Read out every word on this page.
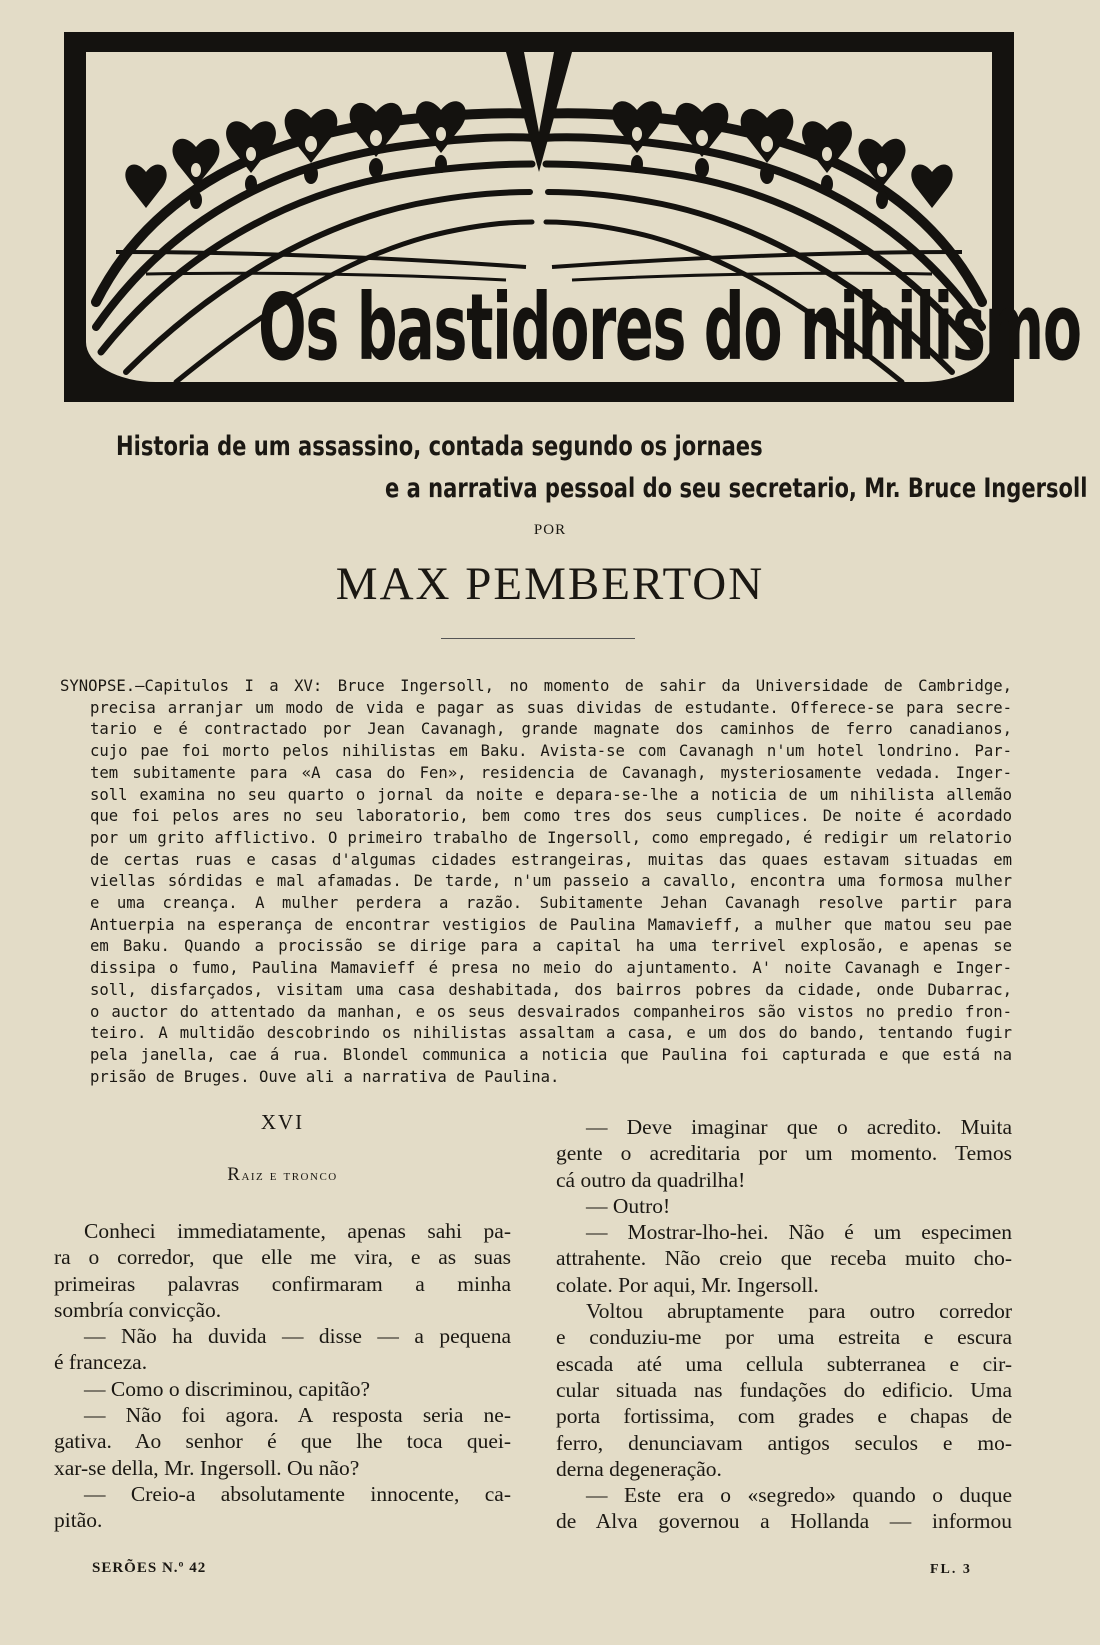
Os bastidores do nihilismo
Historia de um assassino, contada segundo os jornaes
e a narrativa pessoal do seu secretario, Mr. Bruce Ingersoll
POR
MAX PEMBERTON
SYNOPSE.—Capitulos I a XV: Bruce Ingersoll, no momento de sahir da Universidade de Cambridge,
precisa arranjar um modo de vida e pagar as suas dividas de estudante. Offerece-se para secre-
tario e é contractado por Jean Cavanagh, grande magnate dos caminhos de ferro canadianos,
cujo pae foi morto pelos nihilistas em Baku. Avista-se com Cavanagh n'um hotel londrino. Par-
tem subitamente para «A casa do Fen», residencia de Cavanagh, mysteriosamente vedada. Inger-
soll examina no seu quarto o jornal da noite e depara-se-lhe a noticia de um nihilista allemão
que foi pelos ares no seu laboratorio, bem como tres dos seus cumplices. De noite é acordado
por um grito afflictivo. O primeiro trabalho de Ingersoll, como empregado, é redigir um relatorio
de certas ruas e casas d'algumas cidades estrangeiras, muitas das quaes estavam situadas em
viellas sórdidas e mal afamadas. De tarde, n'um passeio a cavallo, encontra uma formosa mulher
e uma creança. A mulher perdera a razão. Subitamente Jehan Cavanagh resolve partir para
Antuerpia na esperança de encontrar vestigios de Paulina Mamavieff, a mulher que matou seu pae
em Baku. Quando a procissão se dirige para a capital ha uma terrivel explosão, e apenas se
dissipa o fumo, Paulina Mamavieff é presa no meio do ajuntamento. A' noite Cavanagh e Inger-
soll, disfarçados, visitam uma casa deshabitada, dos bairros pobres da cidade, onde Dubarrac,
o auctor do attentado da manhan, e os seus desvairados companheiros são vistos no predio fron-
teiro. A multidão descobrindo os nihilistas assaltam a casa, e um dos do bando, tentando fugir
pela janella, cae á rua. Blondel communica a noticia que Paulina foi capturada e que está na
prisão de Bruges. Ouve ali a narrativa de Paulina.
XVI
Raiz e tronco
Conheci immediatamente, apenas sahi pa-
ra o corredor, que elle me vira, e as suas
primeiras palavras confirmaram a minha
sombría convicção.
— Não ha duvida — disse — a pequena
é franceza.
— Como o discriminou, capitão?
— Não foi agora. A resposta seria ne-
gativa. Ao senhor é que lhe toca quei-
xar-se della, Mr. Ingersoll. Ou não?
— Creio-a absolutamente innocente, ca-
pitão.
— Deve imaginar que o acredito. Muita
gente o acreditaria por um momento. Temos
cá outro da quadrilha!
— Outro!
— Mostrar-lho-hei. Não é um especimen
attrahente. Não creio que receba muito cho-
colate. Por aqui, Mr. Ingersoll.
Voltou abruptamente para outro corredor
e conduziu-me por uma estreita e escura
escada até uma cellula subterranea e cir-
cular situada nas fundações do edificio. Uma
porta fortissima, com grades e chapas de
ferro, denunciavam antigos seculos e mo-
derna degeneração.
— Este era o «segredo» quando o duque
de Alva governou a Hollanda — informou
SERÕES N.º 42	FL. 3
